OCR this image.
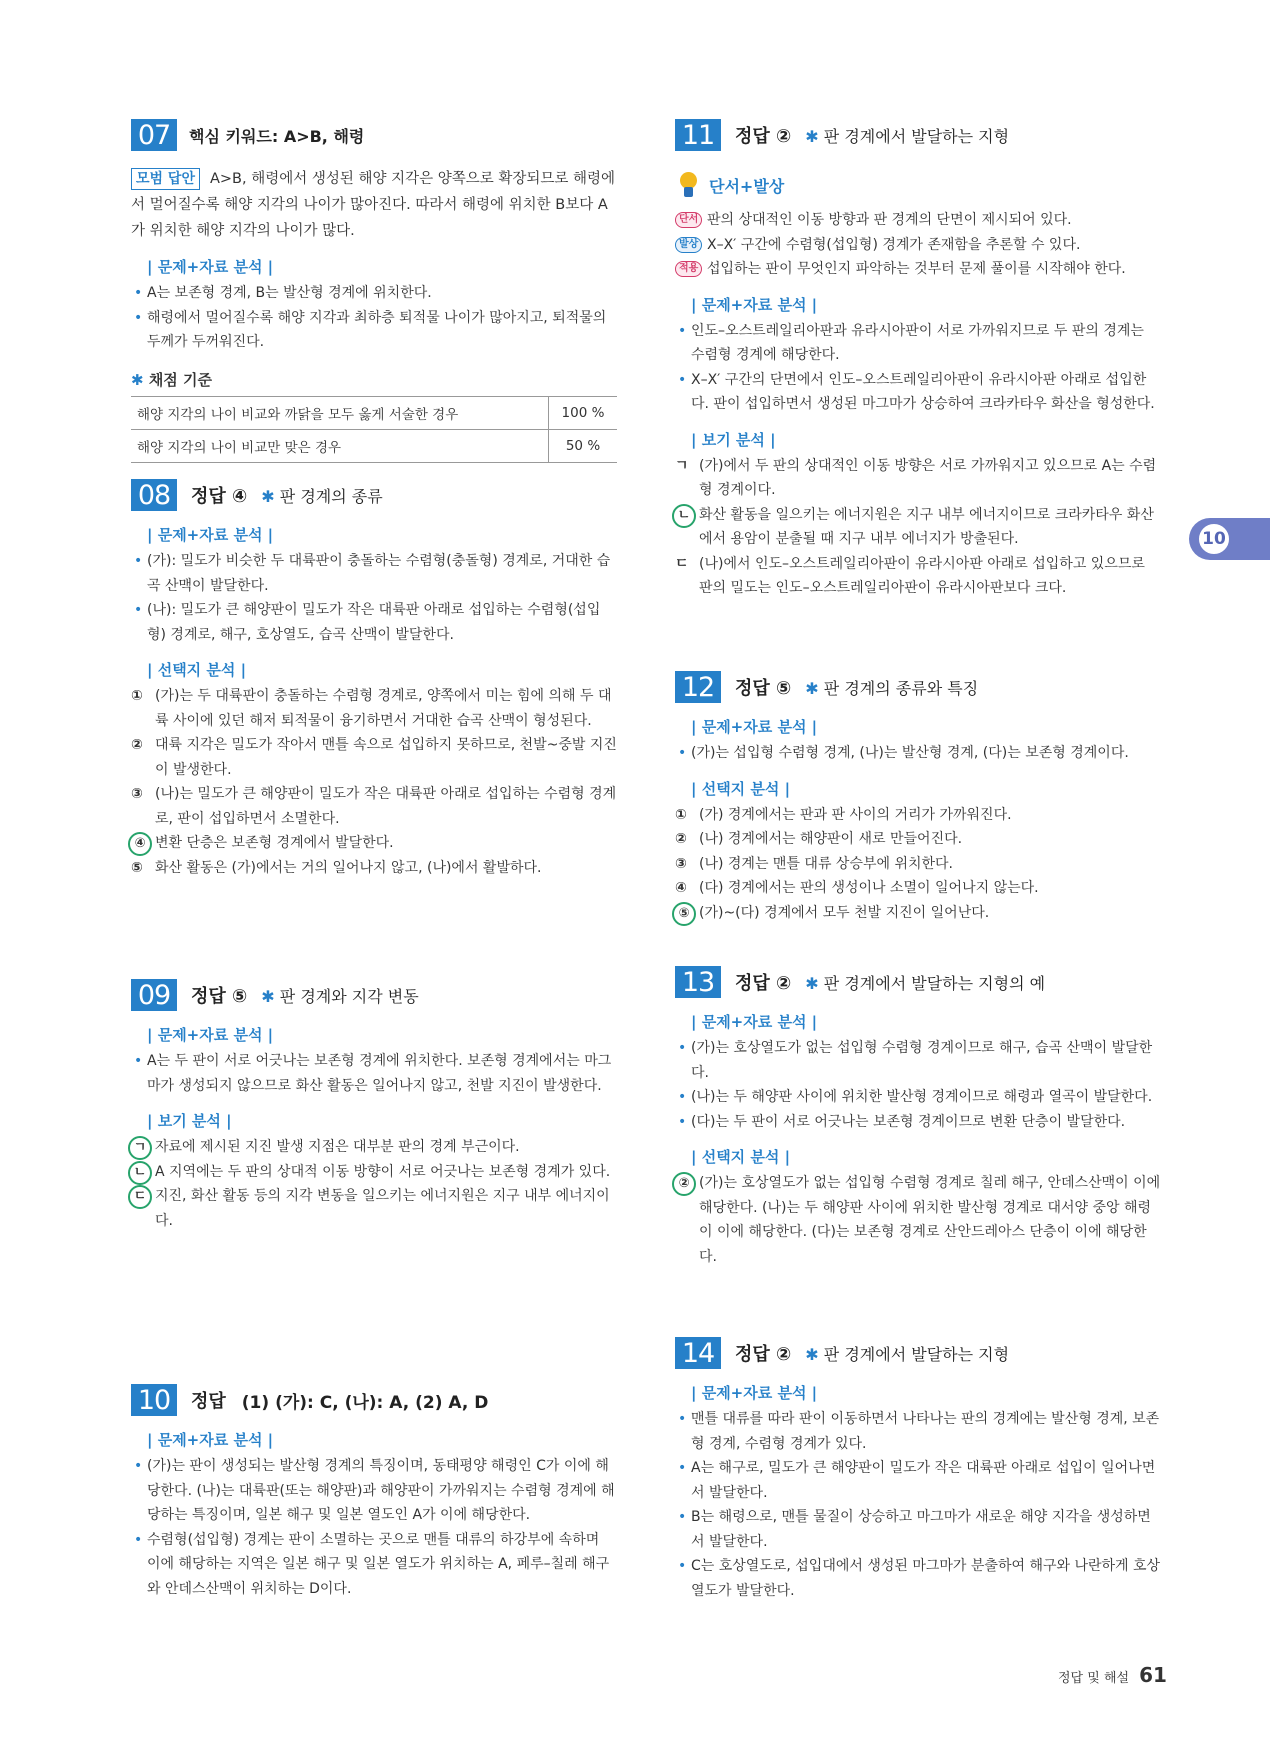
07	핵심 키워드: A>B, 해령
모범 답안 A>B, 해령에서 생성된 해양 지각은 양쪽으로 확장되므로 해령에서 멀어질수록 해양 지각의 나이가 많아진다. 따라서 해령에 위치한 B보다 A가 위치한 해양 지각의 나이가 많다.
| 문제+자료 분석 |
• A는 보존형 경계, B는 발산형 경계에 위치한다.
• 해령에서 멀어질수록 해양 지각과 최하층 퇴적물 나이가 많아지고, 퇴적물의 두께가 두꺼워진다.
✱ 채점 기준
해양 지각의 나이 비교와 까닭을 모두 옳게 서술한 경우	100 %
해양 지각의 나이 비교만 맞은 경우	50 %
08	정답 ④ ✱ 판 경계의 종류
| 문제+자료 분석 |
• (가): 밀도가 비슷한 두 대륙판이 충돌하는 수렴형(충돌형) 경계로, 거대한 습곡 산맥이 발달한다.
• (나): 밀도가 큰 해양판이 밀도가 작은 대륙판 아래로 섭입하는 수렴형(섭입형) 경계로, 해구, 호상열도, 습곡 산맥이 발달한다.
| 선택지 분석 |
① (가)는 두 대륙판이 충돌하는 수렴형 경계로, 양쪽에서 미는 힘에 의해 두 대륙 사이에 있던 해저 퇴적물이 융기하면서 거대한 습곡 산맥이 형성된다.
② 대륙 지각은 밀도가 작아서 맨틀 속으로 섭입하지 못하므로, 천발~중발 지진이 발생한다.
③ (나)는 밀도가 큰 해양판이 밀도가 작은 대륙판 아래로 섭입하는 수렴형 경계로, 판이 섭입하면서 소멸한다.
④ 변환 단층은 보존형 경계에서 발달한다.
⑤ 화산 활동은 (가)에서는 거의 일어나지 않고, (나)에서 활발하다.
09	정답 ⑤ ✱ 판 경계와 지각 변동
| 문제+자료 분석 |
• A는 두 판이 서로 어긋나는 보존형 경계에 위치한다. 보존형 경계에서는 마그마가 생성되지 않으므로 화산 활동은 일어나지 않고, 천발 지진이 발생한다.
| 보기 분석 |
ㄱ 자료에 제시된 지진 발생 지점은 대부분 판의 경계 부근이다.
ㄴ A 지역에는 두 판의 상대적 이동 방향이 서로 어긋나는 보존형 경계가 있다.
ㄷ 지진, 화산 활동 등의 지각 변동을 일으키는 에너지원은 지구 내부 에너지이다.
10	정답 (1) (가): C, (나): A, (2) A, D
| 문제+자료 분석 |
• (가)는 판이 생성되는 발산형 경계의 특징이며, 동태평양 해령인 C가 이에 해당한다. (나)는 대륙판(또는 해양판)과 해양판이 가까워지는 수렴형 경계에 해당하는 특징이며, 일본 해구 및 일본 열도인 A가 이에 해당한다.
• 수렴형(섭입형) 경계는 판이 소멸하는 곳으로 맨틀 대류의 하강부에 속하며 이에 해당하는 지역은 일본 해구 및 일본 열도가 위치하는 A, 페루–칠레 해구와 안데스산맥이 위치하는 D이다.
11	정답 ② ✱ 판 경계에서 발달하는 지형
단서+발상
단서 판의 상대적인 이동 방향과 판 경계의 단면이 제시되어 있다.
발상 X–X′ 구간에 수렴형(섭입형) 경계가 존재함을 추론할 수 있다.
적용 섭입하는 판이 무엇인지 파악하는 것부터 문제 풀이를 시작해야 한다.
| 문제+자료 분석 |
• 인도–오스트레일리아판과 유라시아판이 서로 가까워지므로 두 판의 경계는 수렴형 경계에 해당한다.
• X–X′ 구간의 단면에서 인도–오스트레일리아판이 유라시아판 아래로 섭입한다. 판이 섭입하면서 생성된 마그마가 상승하여 크라카타우 화산을 형성한다.
| 보기 분석 |
ㄱ (가)에서 두 판의 상대적인 이동 방향은 서로 가까워지고 있으므로 A는 수렴형 경계이다.
ㄴ 화산 활동을 일으키는 에너지원은 지구 내부 에너지이므로 크라카타우 화산에서 용암이 분출될 때 지구 내부 에너지가 방출된다.
ㄷ (나)에서 인도–오스트레일리아판이 유라시아판 아래로 섭입하고 있으므로 판의 밀도는 인도–오스트레일리아판이 유라시아판보다 크다.
12	정답 ⑤ ✱ 판 경계의 종류와 특징
| 문제+자료 분석 |
• (가)는 섭입형 수렴형 경계, (나)는 발산형 경계, (다)는 보존형 경계이다.
| 선택지 분석 |
① (가) 경계에서는 판과 판 사이의 거리가 가까워진다.
② (나) 경계에서는 해양판이 새로 만들어진다.
③ (나) 경계는 맨틀 대류 상승부에 위치한다.
④ (다) 경계에서는 판의 생성이나 소멸이 일어나지 않는다.
⑤ (가)~(다) 경계에서 모두 천발 지진이 일어난다.
13	정답 ② ✱ 판 경계에서 발달하는 지형의 예
| 문제+자료 분석 |
• (가)는 호상열도가 없는 섭입형 수렴형 경계이므로 해구, 습곡 산맥이 발달한다.
• (나)는 두 해양판 사이에 위치한 발산형 경계이므로 해령과 열곡이 발달한다.
• (다)는 두 판이 서로 어긋나는 보존형 경계이므로 변환 단층이 발달한다.
| 선택지 분석 |
② (가)는 호상열도가 없는 섭입형 수렴형 경계로 칠레 해구, 안데스산맥이 이에 해당한다. (나)는 두 해양판 사이에 위치한 발산형 경계로 대서양 중앙 해령이 이에 해당한다. (다)는 보존형 경계로 산안드레아스 단층이 이에 해당한다.
14	정답 ② ✱ 판 경계에서 발달하는 지형
| 문제+자료 분석 |
• 맨틀 대류를 따라 판이 이동하면서 나타나는 판의 경계에는 발산형 경계, 보존형 경계, 수렴형 경계가 있다.
• A는 해구로, 밀도가 큰 해양판이 밀도가 작은 대륙판 아래로 섭입이 일어나면서 발달한다.
• B는 해령으로, 맨틀 물질이 상승하고 마그마가 새로운 해양 지각을 생성하면서 발달한다.
• C는 호상열도로, 섭입대에서 생성된 마그마가 분출하여 해구와 나란하게 호상열도가 발달한다.
10
정답 및 해설 61
